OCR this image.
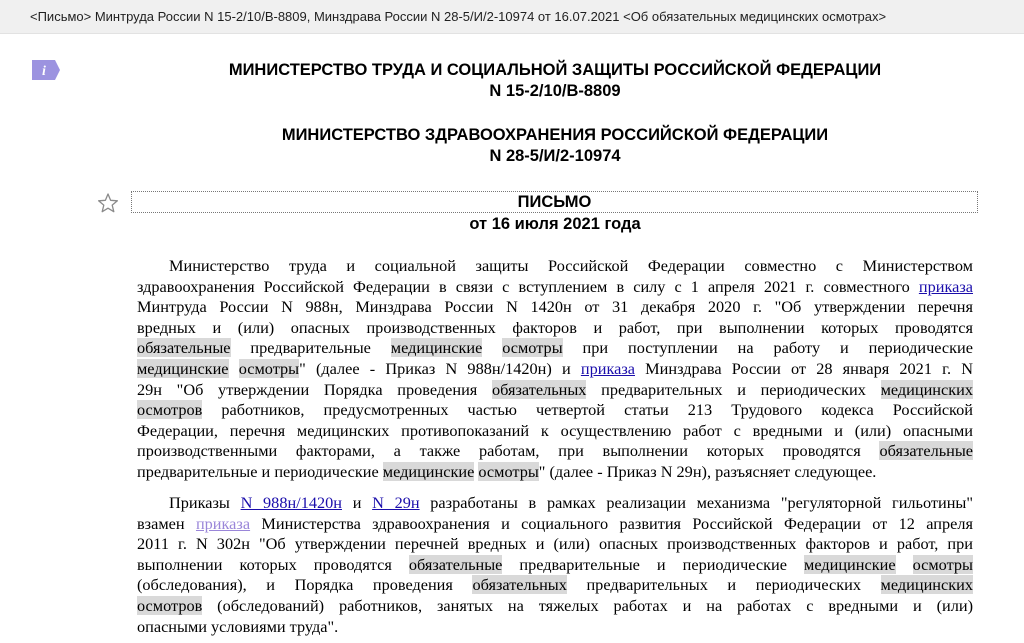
<Письмо> Минтруда России N 15-2/10/В-8809, Минздрава России N 28-5/И/2-10974 от 16.07.2021 <Об обязательных медицинских осмотрах>
i	МИНИСТЕРСТВО ТРУДА И СОЦИАЛЬНОЙ ЗАЩИТЫ РОССИЙСКОЙ ФЕДЕРАЦИИ
N 15-2/10/В-8809
МИНИСТЕРСТВО ЗДРАВООХРАНЕНИЯ РОССИЙСКОЙ ФЕДЕРАЦИИ
N 28-5/И/2-10974
ПИСЬМО
от 16 июля 2021 года
Министерство труда и социальной защиты Российской Федерации совместно с Министерством
здравоохранения Российской Федерации в связи с вступлением в силу с 1 апреля 2021 г. совместного приказа
Минтруда России N 988н, Минздрава России N 1420н от 31 декабря 2020 г. "Об утверждении перечня
вредных и (или) опасных производственных факторов и работ, при выполнении которых проводятся
обязательные предварительные медицинские осмотры при поступлении на работу и периодические
медицинские осмотры" (далее - Приказ N 988н/1420н) и приказа Минздрава России от 28 января 2021 г. N
29н "Об утверждении Порядка проведения обязательных предварительных и периодических медицинских
осмотров работников, предусмотренных частью четвертой статьи 213 Трудового кодекса Российской
Федерации, перечня медицинских противопоказаний к осуществлению работ с вредными и (или) опасными
производственными факторами, а также работам, при выполнении которых проводятся обязательные
предварительные и периодические медицинские осмотры" (далее - Приказ N 29н), разъясняет следующее.
Приказы N 988н/1420н и N 29н разработаны в рамках реализации механизма "регуляторной гильотины"
взамен приказа Министерства здравоохранения и социального развития Российской Федерации от 12 апреля
2011 г. N 302н "Об утверждении перечней вредных и (или) опасных производственных факторов и работ, при
выполнении которых проводятся обязательные предварительные и периодические медицинские осмотры
(обследования), и Порядка проведения обязательных предварительных и периодических медицинских
осмотров (обследований) работников, занятых на тяжелых работах и на работах с вредными и (или)
опасными условиями труда".
